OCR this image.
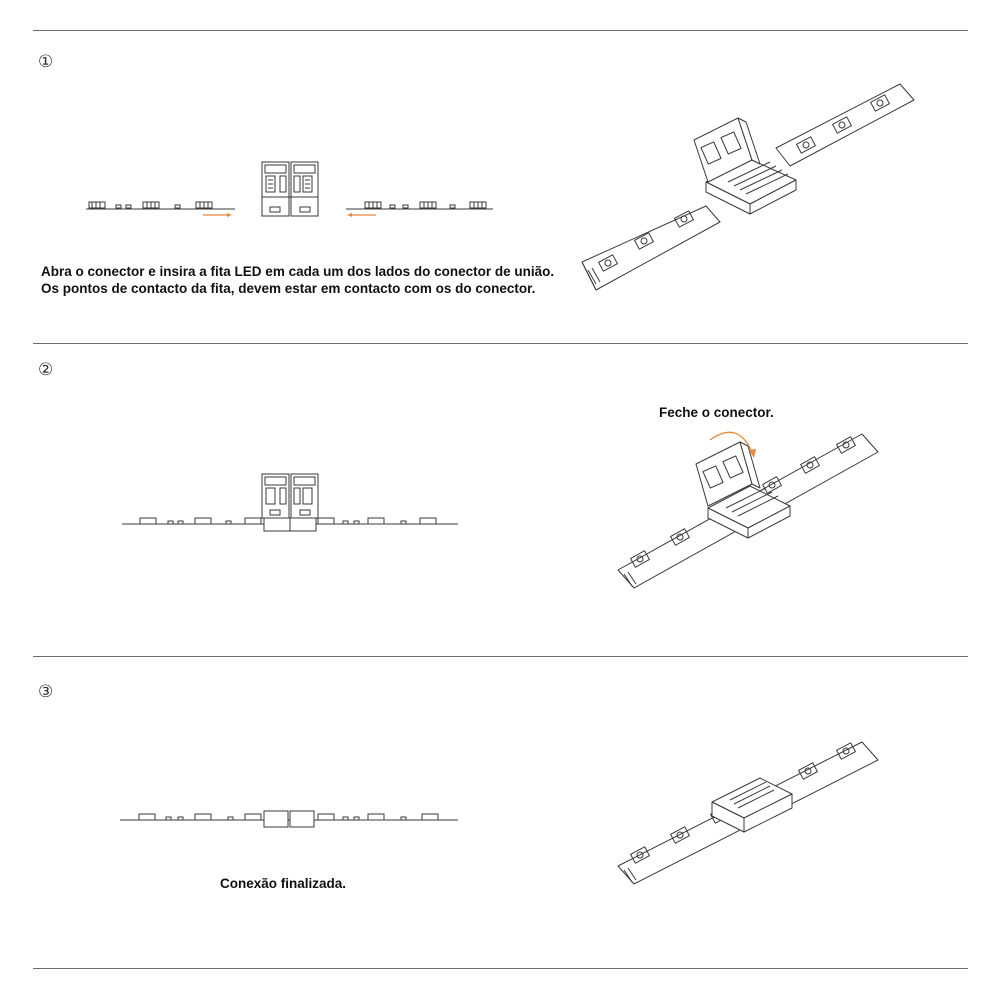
①
②
③
Abra o conector e insira a fita LED em cada um dos lados do conector de união.
Os pontos de contacto da fita, devem estar em contacto com os do conector.
Feche o conector.
Conexão finalizada.
